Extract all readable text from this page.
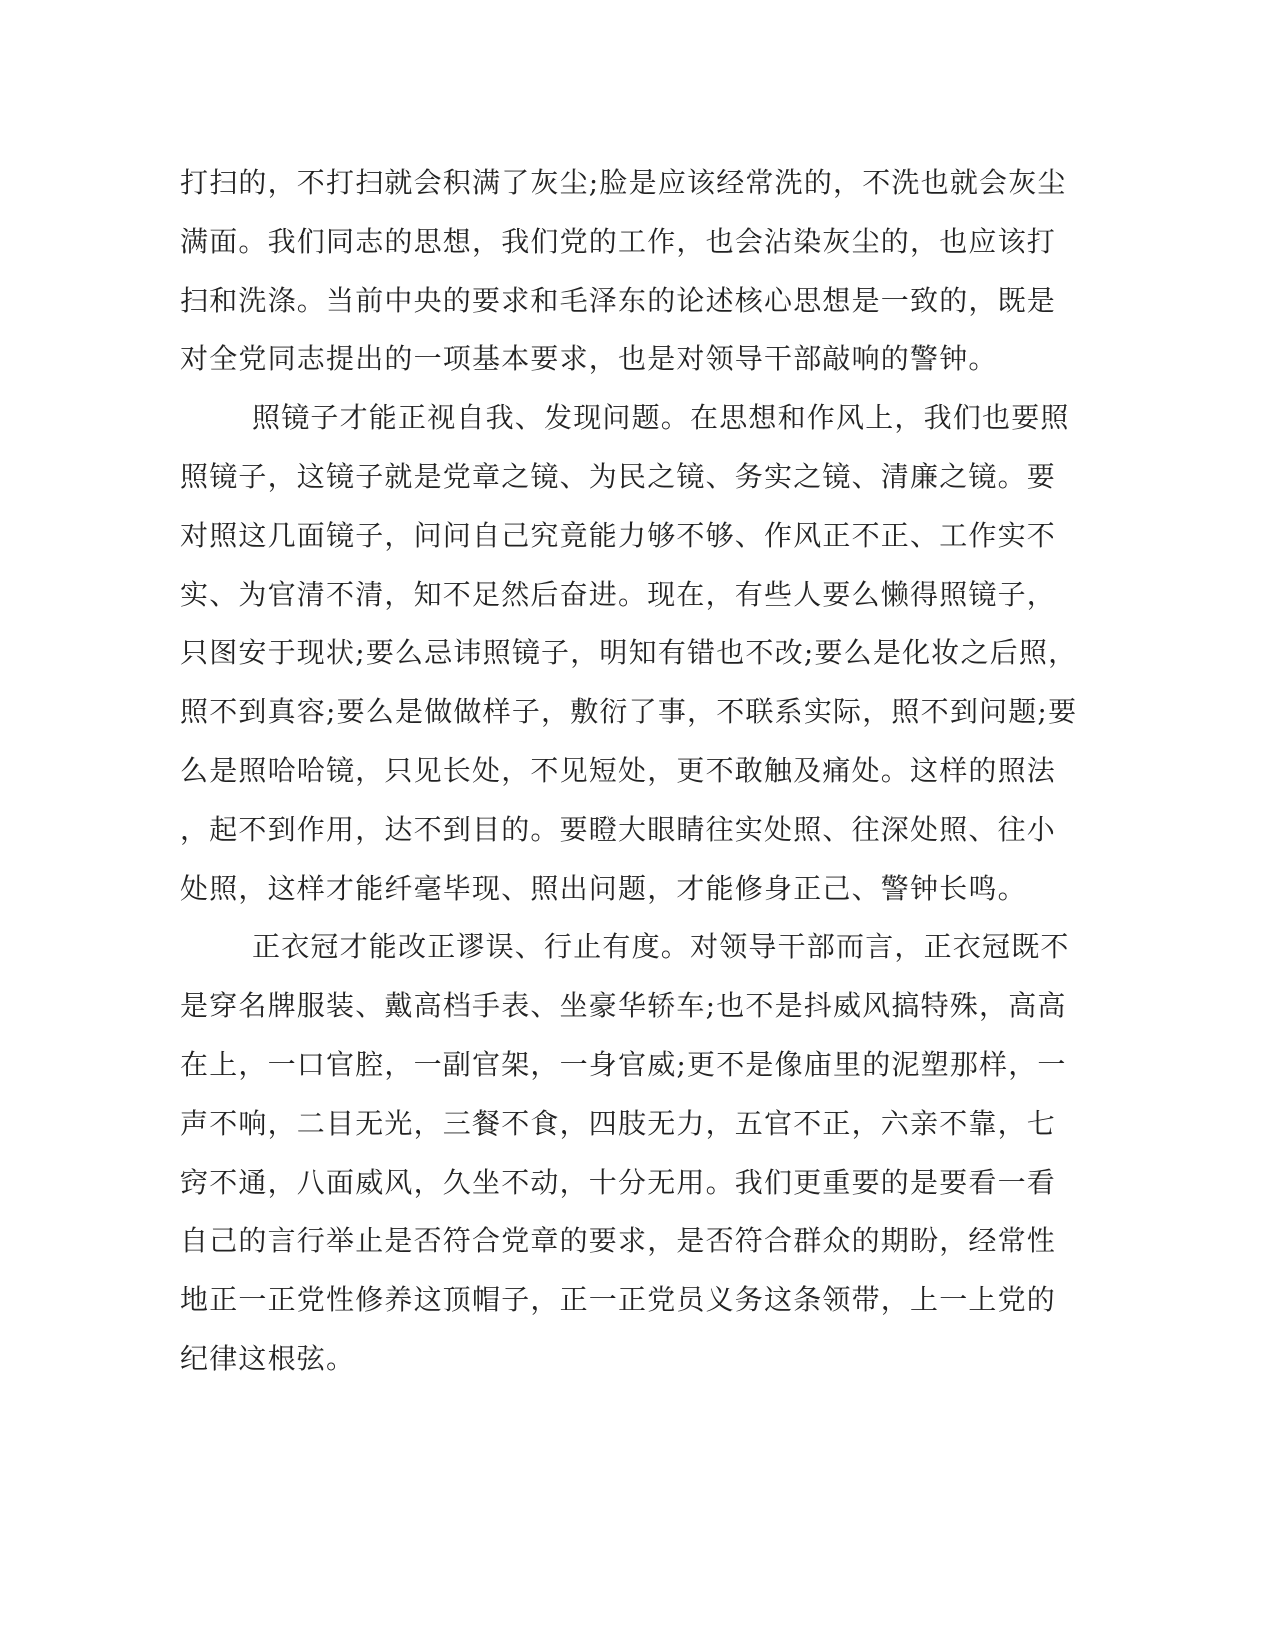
打扫的，不打扫就会积满了灰尘;脸是应该经常洗的，不洗也就会灰尘
满面。我们同志的思想，我们党的工作，也会沾染灰尘的，也应该打
扫和洗涤。当前中央的要求和毛泽东的论述核心思想是一致的，既是
对全党同志提出的一项基本要求，也是对领导干部敲响的警钟。
照镜子才能正视自我、发现问题。在思想和作风上，我们也要照
照镜子，这镜子就是党章之镜、为民之镜、务实之镜、清廉之镜。要
对照这几面镜子，问问自己究竟能力够不够、作风正不正、工作实不
实、为官清不清，知不足然后奋进。现在，有些人要么懒得照镜子，
只图安于现状;要么忌讳照镜子，明知有错也不改;要么是化妆之后照，
照不到真容;要么是做做样子，敷衍了事，不联系实际，照不到问题;要
么是照哈哈镜，只见长处，不见短处，更不敢触及痛处。这样的照法
，起不到作用，达不到目的。要瞪大眼睛往实处照、往深处照、往小
处照，这样才能纤毫毕现、照出问题，才能修身正己、警钟长鸣。
正衣冠才能改正谬误、行止有度。对领导干部而言，正衣冠既不
是穿名牌服装、戴高档手表、坐豪华轿车;也不是抖威风搞特殊，高高
在上，一口官腔，一副官架，一身官威;更不是像庙里的泥塑那样，一
声不响，二目无光，三餐不食，四肢无力，五官不正，六亲不靠，七
窍不通，八面威风，久坐不动，十分无用。我们更重要的是要看一看
自己的言行举止是否符合党章的要求，是否符合群众的期盼，经常性
地正一正党性修养这顶帽子，正一正党员义务这条领带，上一上党的
纪律这根弦。
